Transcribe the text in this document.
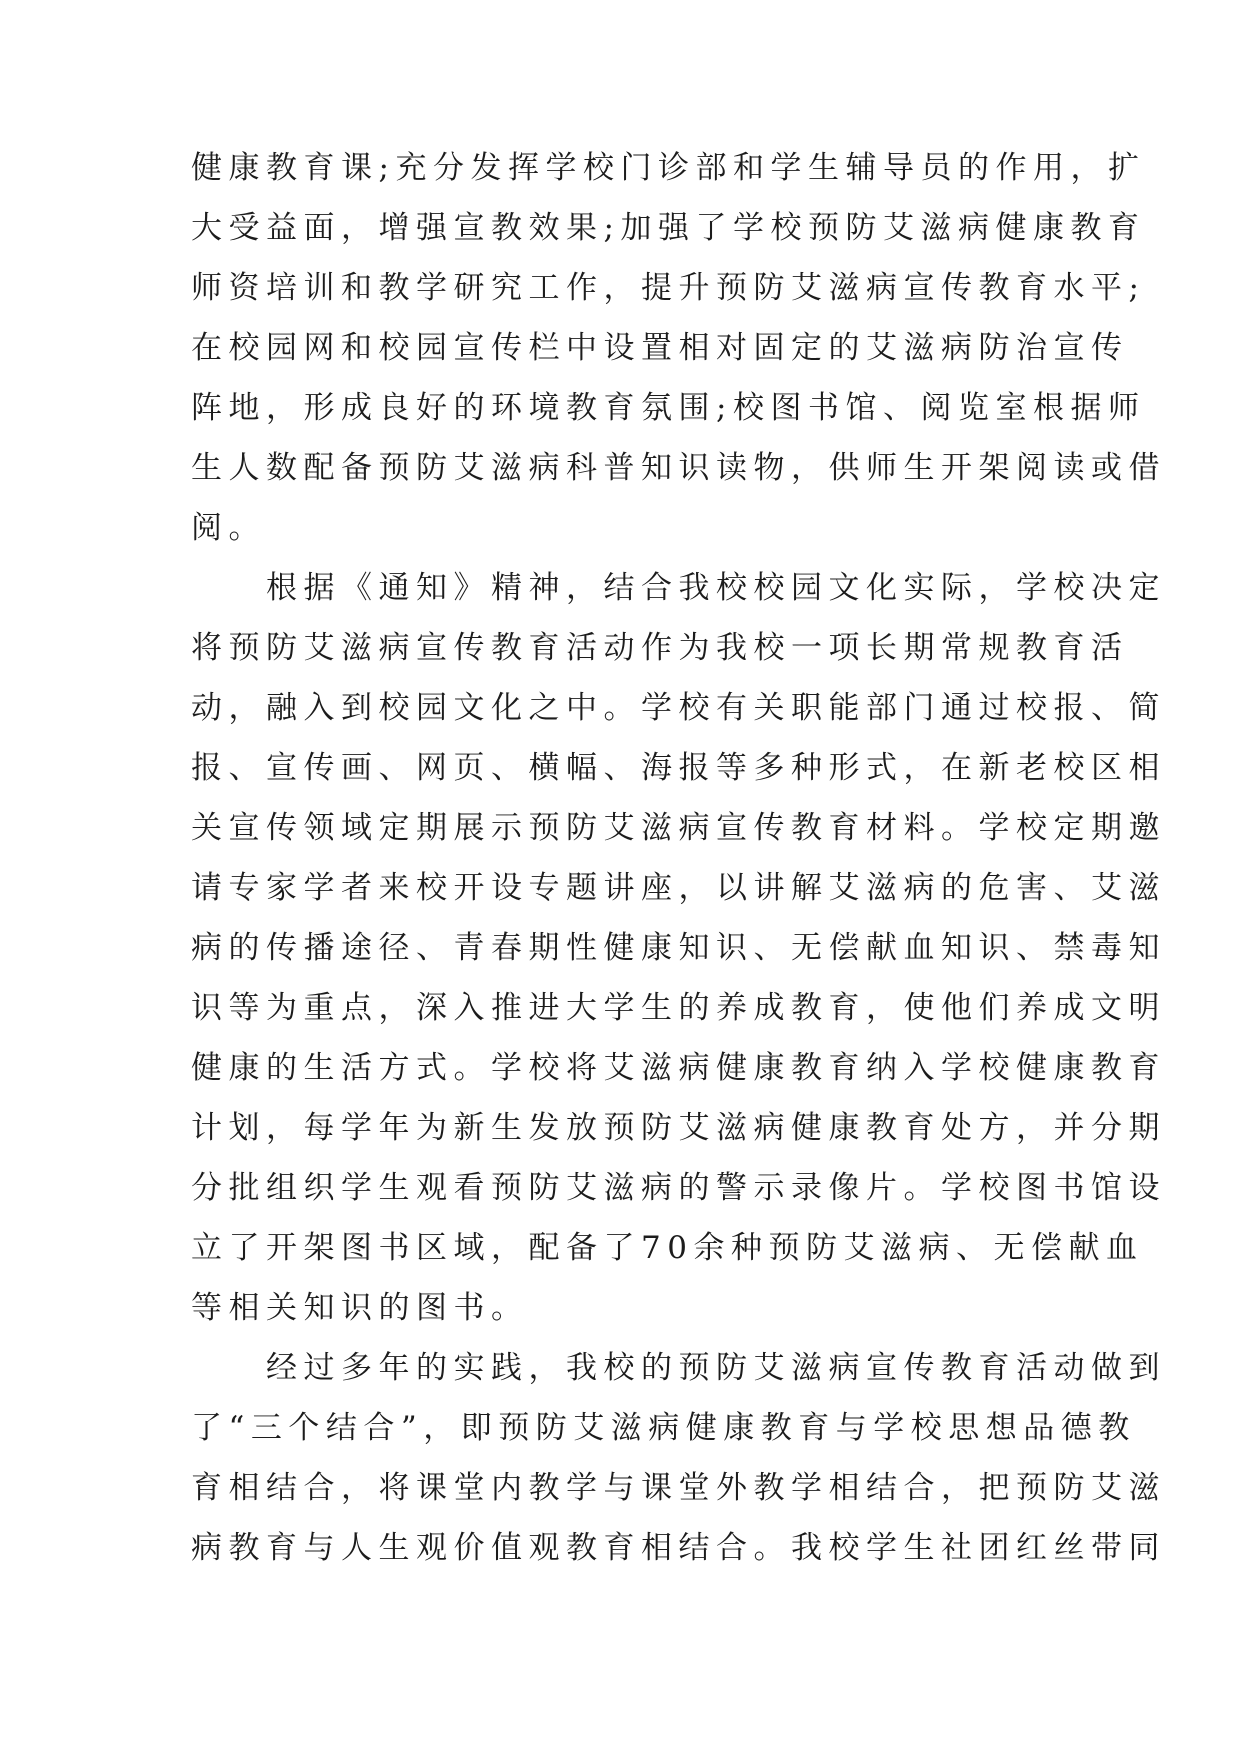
健康教育课;充分发挥学校门诊部和学生辅导员的作用，扩
大受益面，增强宣教效果;加强了学校预防艾滋病健康教育
师资培训和教学研究工作，提升预防艾滋病宣传教育水平;
在校园网和校园宣传栏中设置相对固定的艾滋病防治宣传
阵地，形成良好的环境教育氛围;校图书馆、阅览室根据师
生人数配备预防艾滋病科普知识读物，供师生开架阅读或借
阅。
根据《通知》精神，结合我校校园文化实际，学校决定
将预防艾滋病宣传教育活动作为我校一项长期常规教育活
动，融入到校园文化之中。学校有关职能部门通过校报、简
报、宣传画、网页、横幅、海报等多种形式，在新老校区相
关宣传领域定期展示预防艾滋病宣传教育材料。学校定期邀
请专家学者来校开设专题讲座，以讲解艾滋病的危害、艾滋
病的传播途径、青春期性健康知识、无偿献血知识、禁毒知
识等为重点，深入推进大学生的养成教育，使他们养成文明
健康的生活方式。学校将艾滋病健康教育纳入学校健康教育
计划，每学年为新生发放预防艾滋病健康教育处方，并分期
分批组织学生观看预防艾滋病的警示录像片。学校图书馆设
立了开架图书区域，配备了70余种预防艾滋病、无偿献血
等相关知识的图书。
经过多年的实践，我校的预防艾滋病宣传教育活动做到
了“三个结合”，即预防艾滋病健康教育与学校思想品德教
育相结合，将课堂内教学与课堂外教学相结合，把预防艾滋
病教育与人生观价值观教育相结合。我校学生社团红丝带同
